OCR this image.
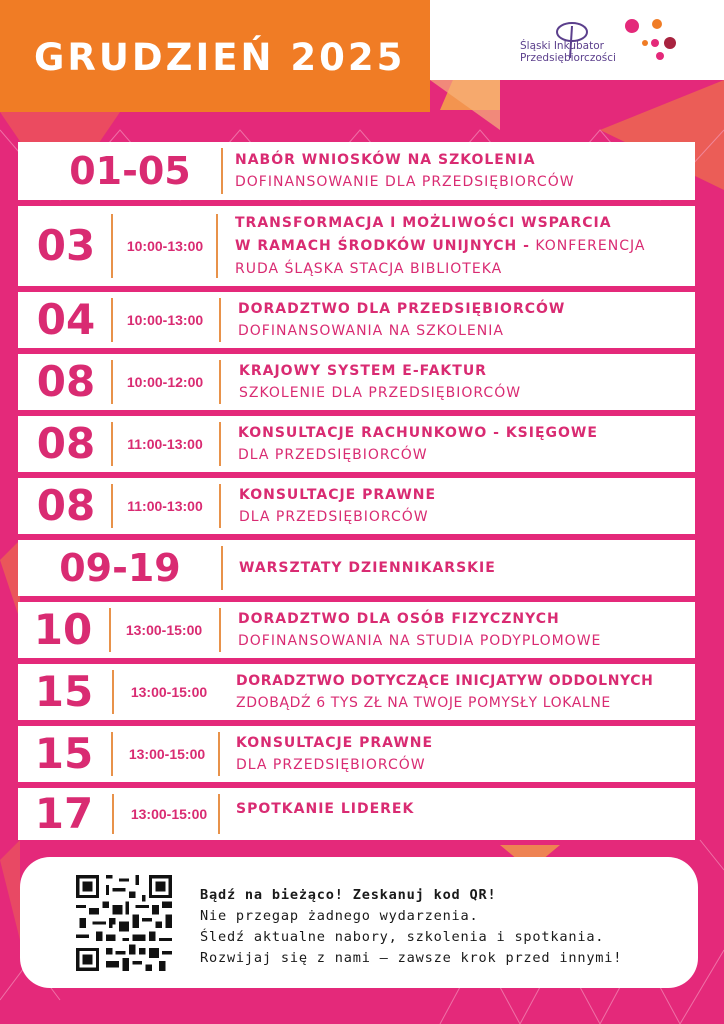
GRUDZIEŃ 2025	Śląski Inkubator
Przedsiębiorczości
01-05	NABÓR WNIOSKÓW NA SZKOLENIA
DOFINANSOWANIE DLA PRZEDSIĘBIORCÓW
03	10:00-13:00
TRANSFORMACJA I MOŻLIWOŚCI WSPARCIA
W RAMACH ŚRODKÓW UNIJNYCH - KONFERENCJA
RUDA ŚLĄSKA STACJA BIBLIOTEKA
04	10:00-13:00
DORADZTWO DLA PRZEDSIĘBIORCÓW
DOFINANSOWANIA NA SZKOLENIA
08	10:00-12:00
KRAJOWY SYSTEM E-FAKTUR
SZKOLENIE DLA PRZEDSIĘBIORCÓW
08	11:00-13:00
KONSULTACJE RACHUNKOWO - KSIĘGOWE
DLA PRZEDSIĘBIORCÓW
08	11:00-13:00
KONSULTACJE PRAWNE
DLA PRZEDSIĘBIORCÓW
09-19	WARSZTATY DZIENNIKARSKIE
10	13:00-15:00
DORADZTWO DLA OSÓB FIZYCZNYCH
DOFINANSOWANIA NA STUDIA PODYPLOMOWE
15	13:00-15:00
DORADZTWO DOTYCZĄCE INICJATYW ODDOLNYCH
ZDOBĄDŹ 6 TYS ZŁ NA TWOJE POMYSŁY LOKALNE
15	13:00-15:00
KONSULTACJE PRAWNE
DLA PRZEDSIĘBIORCÓW
17	13:00-15:00	SPOTKANIE LIDEREK
Bądź na bieżąco! Zeskanuj kod QR!
Nie przegap żadnego wydarzenia.
Śledź aktualne nabory, szkolenia i spotkania.
Rozwijaj się z nami – zawsze krok przed innymi!
